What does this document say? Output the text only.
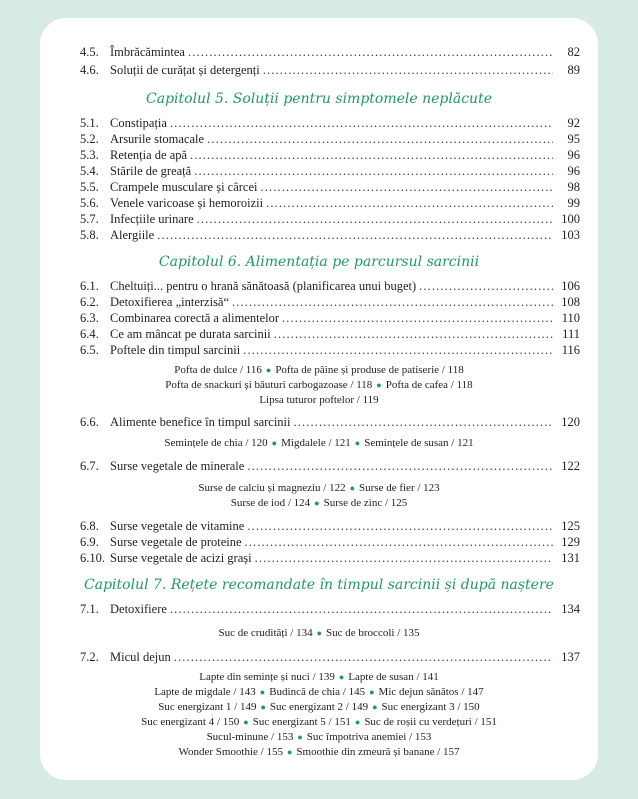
4.5. Îmbrăcămintea . . .	82
4.6. Soluții de curățat și detergenți . . .	89
Capitolul 5. Soluții pentru simptomele neplăcute
5.1. Constipația . . .	92
5.2. Arsurile stomacale . . .	95
5.3. Retenția de apă . . .	96
5.4. Stările de greață . . .	96
5.5. Crampele musculare și cârcei . . .	98
5.6. Venele varicoase și hemoroizii . . .	99
5.7. Infecțiile urinare . . .	100
5.8. Alergiile . . .	103
Capitolul 6. Alimentația pe parcursul sarcinii
6.1. Cheltuiți... pentru o hrană sănătoasă (planificarea unui buget) . . .	106
6.2. Detoxifierea „interzisă“ . . .	108
6.3. Combinarea corectă a alimentelor . . .	110
6.4. Ce am mâncat pe durata sarcinii . . .	111
6.5. Poftele din timpul sarcinii . . .	116
Pofta de dulce / 116 ● Pofta de pâine și produse de patiserie / 118
Pofta de snackuri și băuturi carbogazoase / 118 ● Pofta de cafea / 118
Lipsa tuturor poftelor / 119
6.6. Alimente benefice în timpul sarcinii . . .	120
Semințele de chia / 120 ● Migdalele / 121 ● Semințele de susan / 121
6.7. Surse vegetale de minerale . . .	122
Surse de calciu și magneziu / 122 ● Surse de fier / 123
Surse de iod / 124 ● Surse de zinc / 125
6.8. Surse vegetale de vitamine . . .	125
6.9. Surse vegetale de proteine . . .	129
6.10. Surse vegetale de acizi grași . . .	131
Capitolul 7. Rețete recomandate în timpul sarcinii și după naștere
7.1. Detoxifiere . . .	134
Suc de crudități / 134 ● Suc de broccoli / 135
7.2. Micul dejun . . .	137
Lapte din semințe și nuci / 139 ● Lapte de susan / 141
Lapte de migdale / 143 ● Budincă de chia / 145 ● Mic dejun sănătos / 147
Suc energizant 1 / 149 ● Suc energizant 2 / 149 ● Suc energizant 3 / 150
Suc energizant 4 / 150 ● Suc energizant 5 / 151 ● Suc de roșii cu verdețuri / 151
Sucul-minune / 153 ● Suc împotriva anemiei / 153
Wonder Smoothie / 155 ● Smoothie din zmeură și banane / 157
